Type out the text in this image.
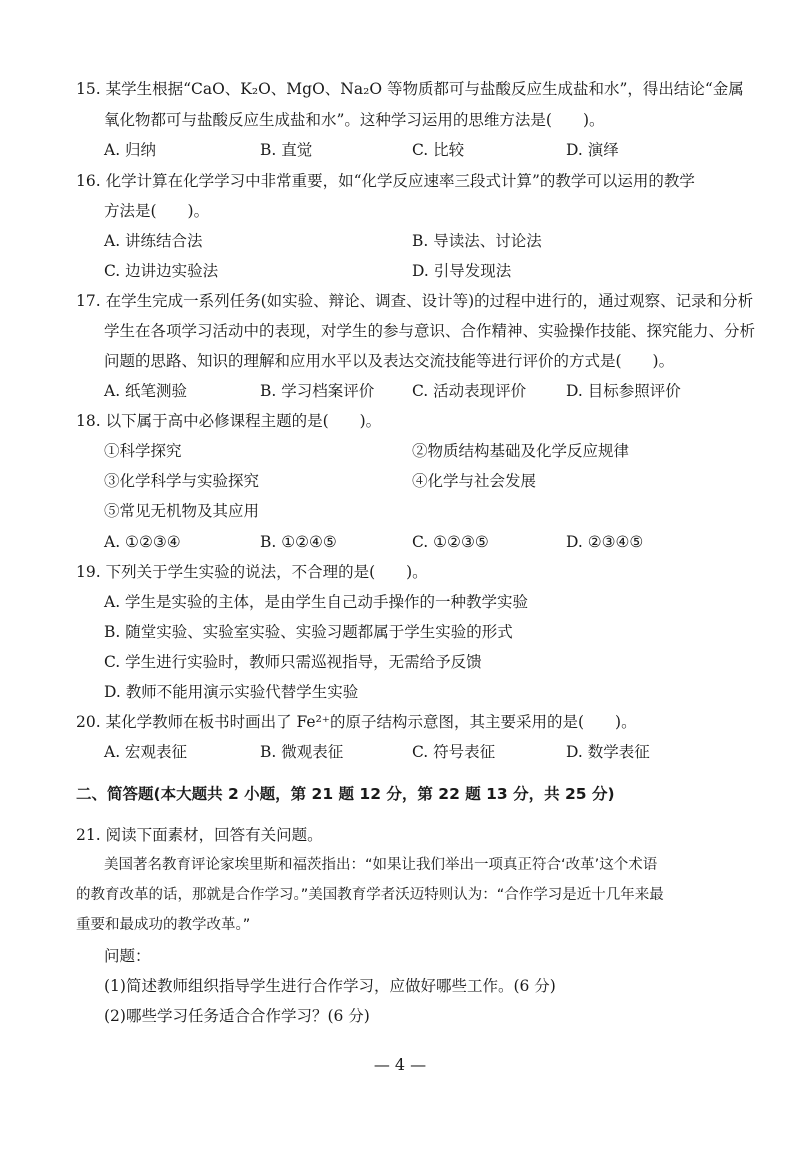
15. 某学生根据“CaO、K₂O、MgO、Na₂O 等物质都可与盐酸反应生成盐和水”，得出结论“金属
氧化物都可与盐酸反应生成盐和水”。这种学习运用的思维方法是(　　)。
A. 归纳	B. 直觉	C. 比较	D. 演绎
16. 化学计算在化学学习中非常重要，如“化学反应速率三段式计算”的教学可以运用的教学
方法是(　　)。
A. 讲练结合法	B. 导读法、讨论法
C. 边讲边实验法	D. 引导发现法
17. 在学生完成一系列任务(如实验、辩论、调查、设计等)的过程中进行的，通过观察、记录和分析
学生在各项学习活动中的表现，对学生的参与意识、合作精神、实验操作技能、探究能力、分析
问题的思路、知识的理解和应用水平以及表达交流技能等进行评价的方式是(　　)。
A. 纸笔测验	B. 学习档案评价 C. 活动表现评价	D. 目标参照评价
18. 以下属于高中必修课程主题的是(　　)。
①科学探究	②物质结构基础及化学反应规律
③化学科学与实验探究	④化学与社会发展
⑤常见无机物及其应用
A. ①②③④	B. ①②④⑤	C. ①②③⑤	D. ②③④⑤
19. 下列关于学生实验的说法，不合理的是(　　)。
A. 学生是实验的主体，是由学生自己动手操作的一种教学实验
B. 随堂实验、实验室实验、实验习题都属于学生实验的形式
C. 学生进行实验时，教师只需巡视指导，无需给予反馈
D. 教师不能用演示实验代替学生实验
20. 某化学教师在板书时画出了 Fe²⁺的原子结构示意图，其主要采用的是(　　)。
A. 宏观表征	B. 微观表征	C. 符号表征	D. 数学表征
二、简答题(本大题共 2 小题，第 21 题 12 分，第 22 题 13 分，共 25 分)
21. 阅读下面素材，回答有关问题。
美国著名教育评论家埃里斯和福茨指出：“如果让我们举出一项真正符合‘改革’这个术语
的教育改革的话，那就是合作学习。”美国教育学者沃迈特则认为：“合作学习是近十几年来最
重要和最成功的教学改革。”
问题：
(1)简述教师组织指导学生进行合作学习，应做好哪些工作。(6 分)
(2)哪些学习任务适合合作学习？(6 分)
— 4 —
